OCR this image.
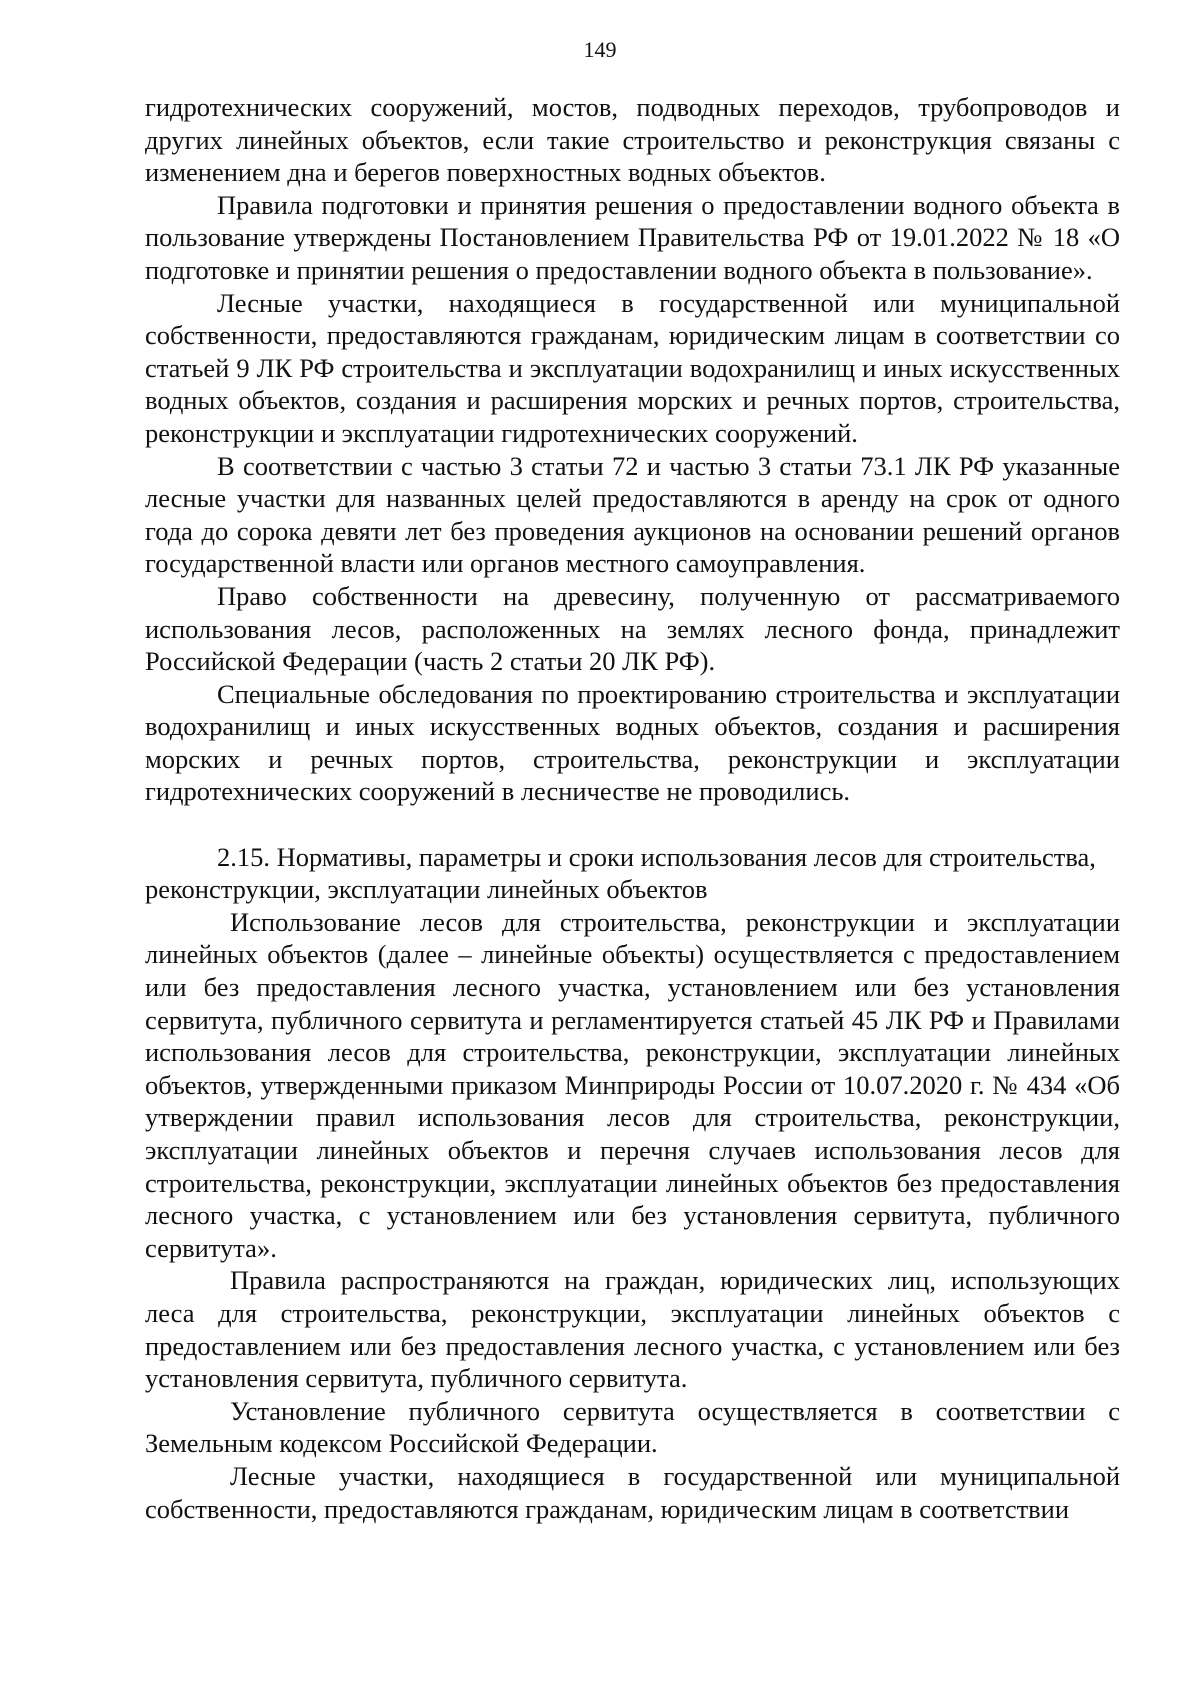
149

гидротехнических сооружений, мостов, подводных переходов, трубопроводов и других линейных объектов, если такие строительство и реконструкция связаны с изменением дна и берегов поверхностных водных объектов.

Правила подготовки и принятия решения о предоставлении водного объекта в пользование утверждены Постановлением Правительства РФ от 19.01.2022 № 18 «О подготовке и принятии решения о предоставлении водного объекта в пользование».

Лесные участки, находящиеся в государственной или муниципальной собственности, предоставляются гражданам, юридическим лицам в соответствии со статьей 9 ЛК РФ строительства и эксплуатации водохранилищ и иных искусственных водных объектов, создания и расширения морских и речных портов, строительства, реконструкции и эксплуатации гидротехнических сооружений.

В соответствии с частью 3 статьи 72 и частью 3 статьи 73.1 ЛК РФ указанные лесные участки для названных целей предоставляются в аренду на срок от одного года до сорока девяти лет без проведения аукционов на основании решений органов государственной власти или органов местного самоуправления.

Право собственности на древесину, полученную от рассматриваемого использования лесов, расположенных на землях лесного фонда, принадлежит Российской Федерации (часть 2 статьи 20 ЛК РФ).

Специальные обследования по проектированию строительства и эксплуатации водохранилищ и иных искусственных водных объектов, создания и расширения морских и речных портов, строительства, реконструкции и эксплуатации гидротехнических сооружений в лесничестве не проводились.

2.15. Нормативы, параметры и сроки использования лесов для строительства, реконструкции, эксплуатации линейных объектов

Использование лесов для строительства, реконструкции и эксплуатации линейных объектов (далее – линейные объекты) осуществляется с предоставлением или без предоставления лесного участка, установлением или без установления сервитута, публичного сервитута и регламентируется статьей 45 ЛК РФ и Правилами использования лесов для строительства, реконструкции, эксплуатации линейных объектов, утвержденными приказом Минприроды России от 10.07.2020 г. № 434 «Об утверждении правил использования лесов для строительства, реконструкции, эксплуатации линейных объектов и перечня случаев использования лесов для строительства, реконструкции, эксплуатации линейных объектов без предоставления лесного участка, с установлением или без установления сервитута, публичного сервитута».

Правила распространяются на граждан, юридических лиц, использующих леса для строительства, реконструкции, эксплуатации линейных объектов с предоставлением или без предоставления лесного участка, с установлением или без установления сервитута, публичного сервитута.

Установление публичного сервитута осуществляется в соответствии с Земельным кодексом Российской Федерации.

Лесные участки, находящиеся в государственной или муниципальной собственности, предоставляются гражданам, юридическим лицам в соответствии
